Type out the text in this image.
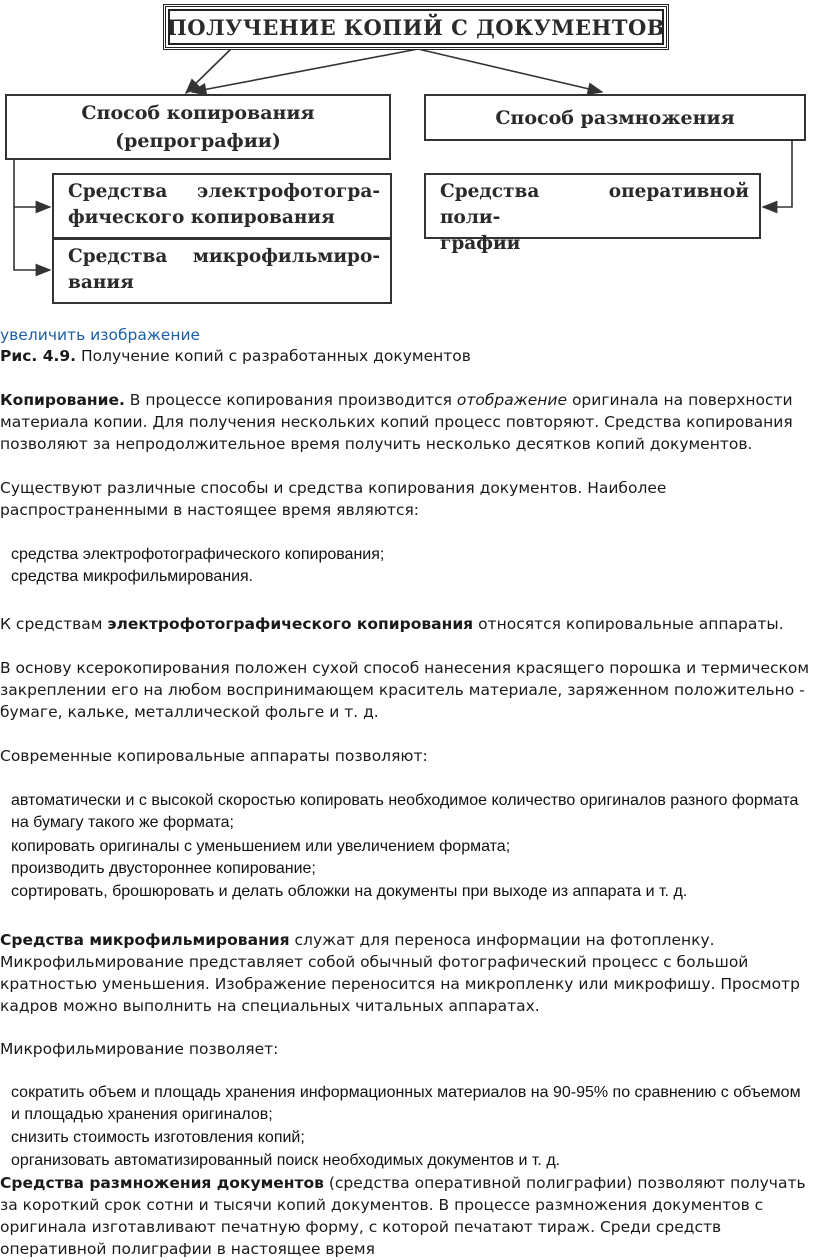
ПОЛУЧЕНИЕ КОПИЙ С ДОКУМЕНТОВ
Способ копирования
(репрографии)
Способ размножения
Средства электрофотогра-
фического копирования
Средства микрофильмиро-
вания
Средства оперативной поли-
графии
увеличить изображение
Рис. 4.9. Получение копий с разработанных документов
Копирование. В процессе копирования производится отображение оригинала на поверхности материала копии. Для получения нескольких копий процесс повторяют. Средства копирования позволяют за непродолжительное время получить несколько десятков копий документов.
Существуют различные способы и средства копирования документов. Наиболее распространенными в настоящее время являются:
средства электрофотографического копирования;
средства микрофильмирования.
К средствам электрофотографического копирования относятся копировальные аппараты.
В основу ксерокопирования положен сухой способ нанесения красящего порошка и термическом закреплении его на любом воспринимающем краситель материале, заряженном положительно - бумаге, кальке, металлической фольге и т. д.
Современные копировальные аппараты позволяют:
автоматически и с высокой скоростью копировать необходимое количество оригиналов разного формата на бумагу такого же формата;
копировать оригиналы с уменьшением или увеличением формата;
производить двустороннее копирование;
сортировать, брошюровать и делать обложки на документы при выходе из аппарата и т. д.
Средства микрофильмирования служат для переноса информации на фотопленку. Микрофильмирование представляет собой обычный фотографический процесс с большой кратностью уменьшения. Изображение переносится на микропленку или микрофишу. Просмотр кадров можно выполнить на специальных читальных аппаратах.
Микрофильмирование позволяет:
сократить объем и площадь хранения информационных материалов на 90-95% по сравнению с объемом и площадью хранения оригиналов;
снизить стоимость изготовления копий;
организовать автоматизированный поиск необходимых документов и т. д.
Средства размножения документов (средства оперативной полиграфии) позволяют получать за короткий срок сотни и тысячи копий документов. В процессе размножения документов с оригинала изготавливают печатную форму, с которой печатают тираж. Среди средств оперативной полиграфии в настоящее время
